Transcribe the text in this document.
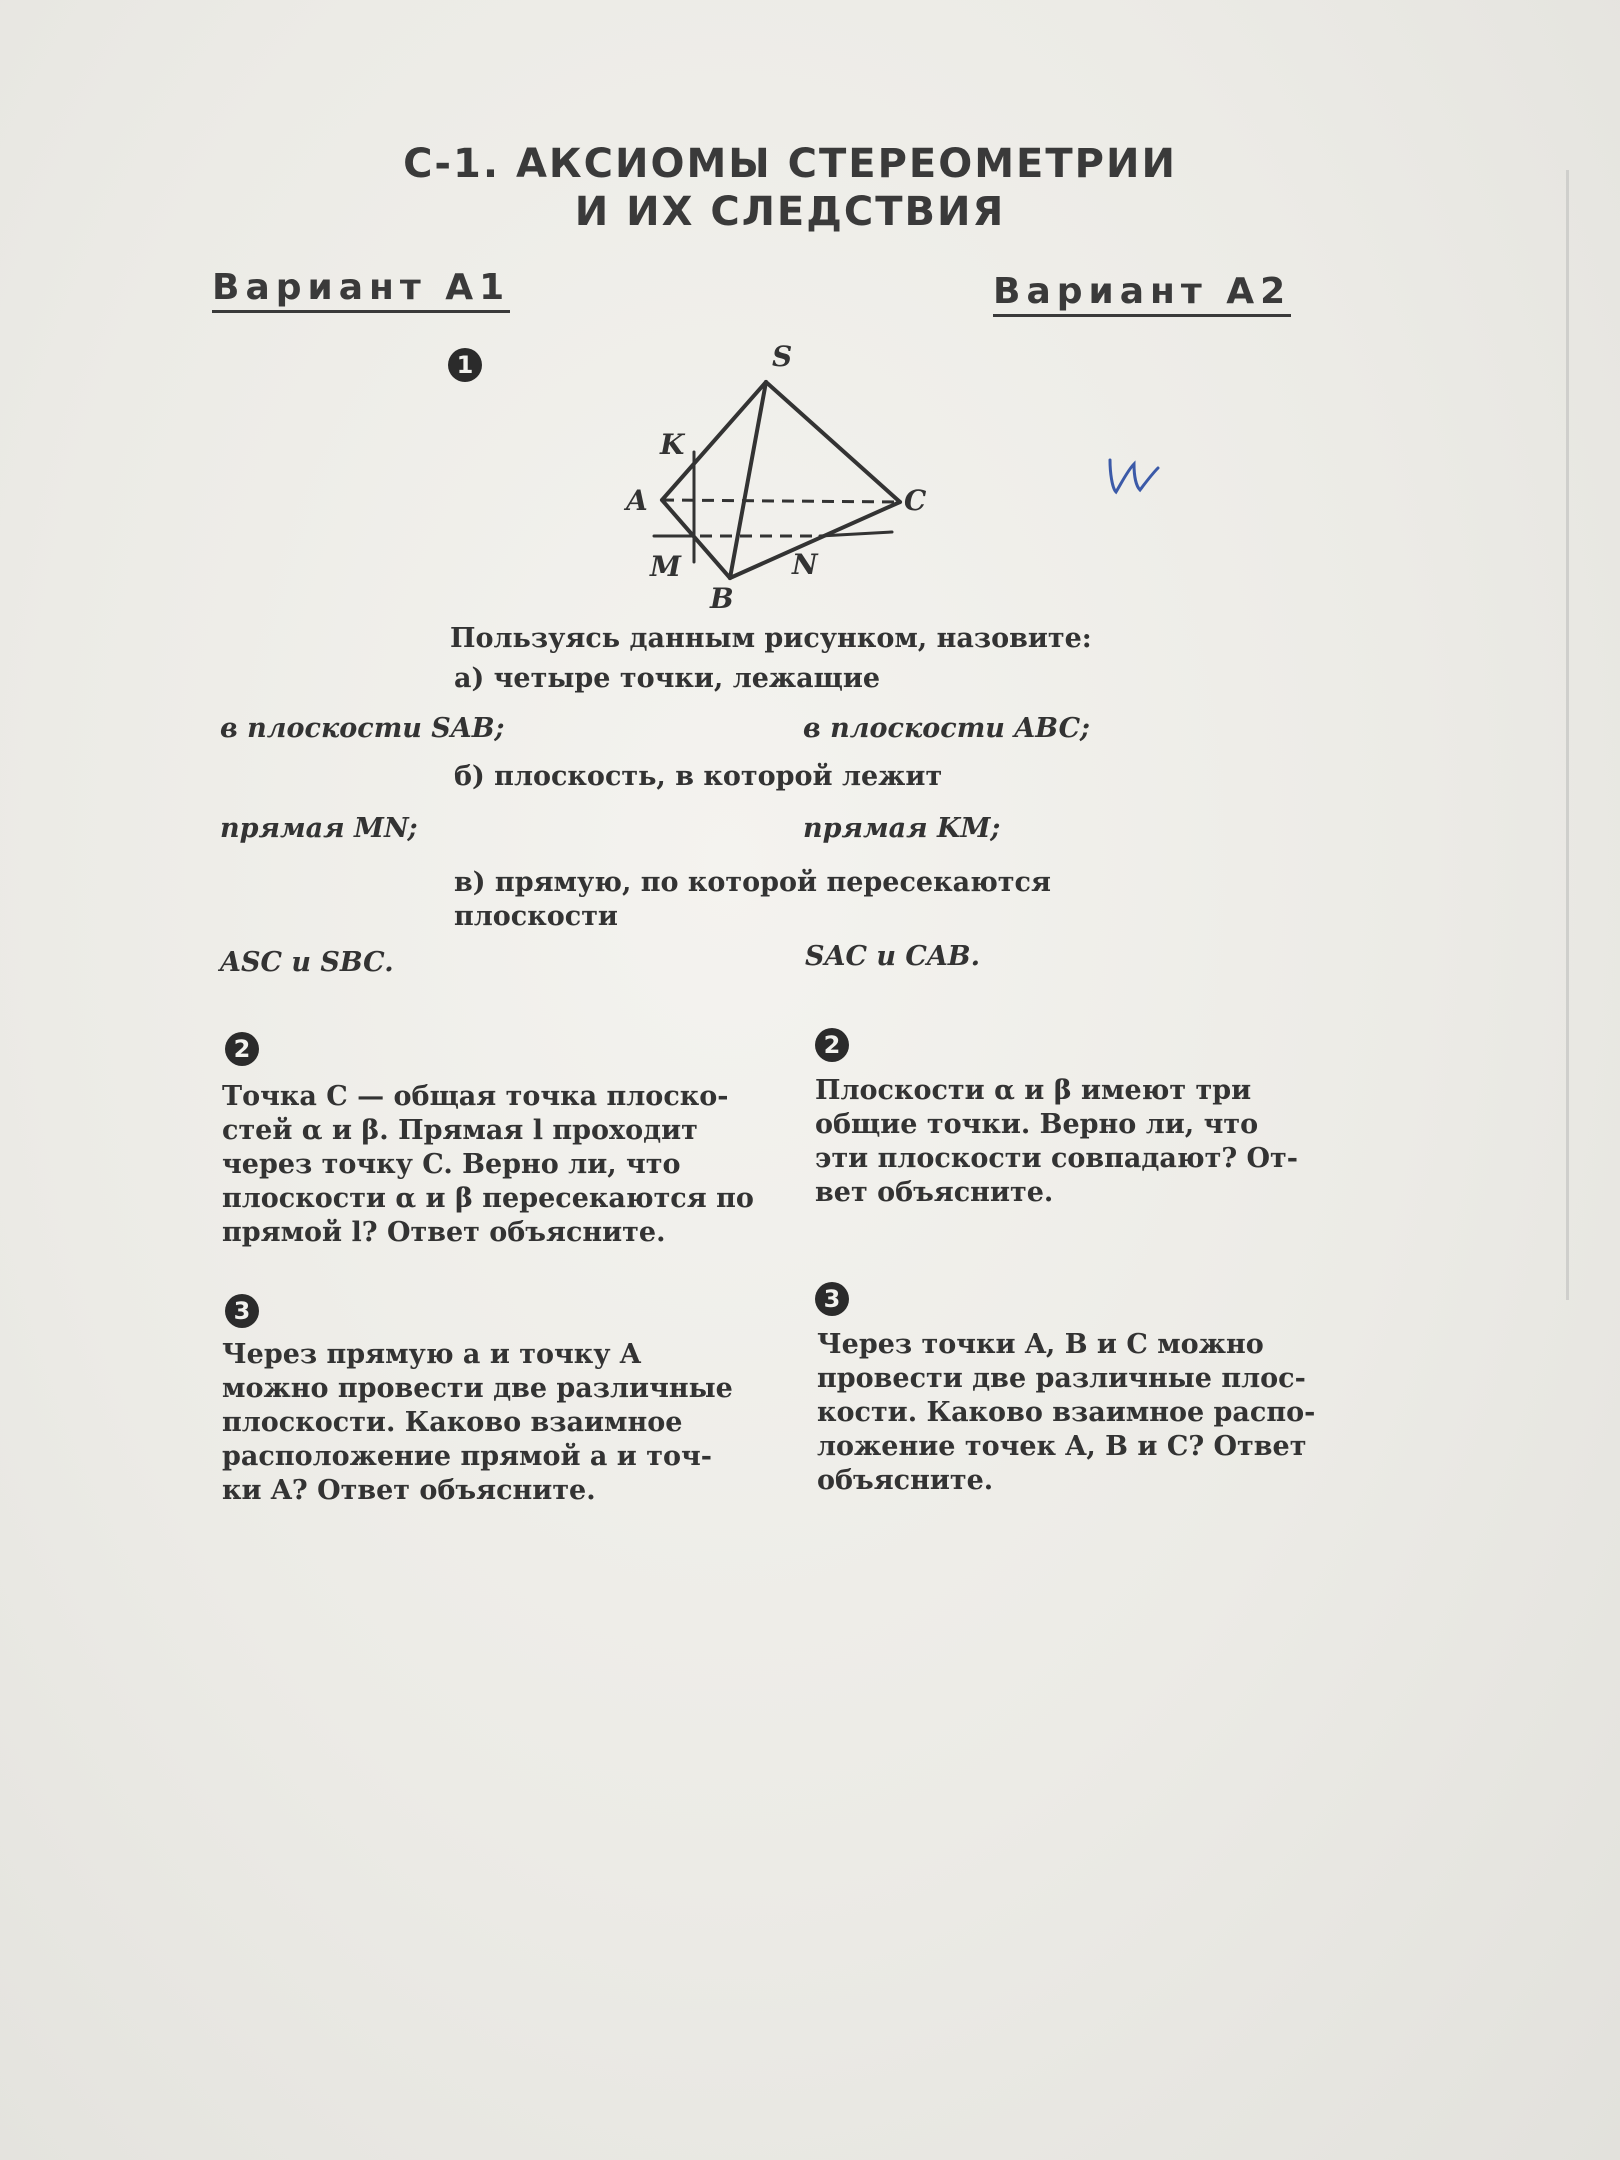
С-1. АКСИОМЫ СТЕРЕОМЕТРИИ
И ИХ СЛЕДСТВИЯ
Вариант А1	Вариант А2
1	S
K
A	C
M	N
B
Пользуясь данным рисунком, назовите:
а) четыре точки, лежащие
в плоскости SAB;	в плоскости ABC;
б) плоскость, в которой лежит
прямая MN;	прямая KM;
в) прямую, по которой пересекаются
плоскости
ASC и SBC.	SAC и CAB.
2	2
Точка C — общая точка плоско-
стей α и β. Прямая l проходит
через точку C. Верно ли, что
плоскости α и β пересекаются по
прямой l? Ответ объясните.
Плоскости α и β имеют три
общие точки. Верно ли, что
эти плоскости совпадают? От-
вет объясните.
3	3
Через прямую a и точку A
можно провести две различные
плоскости. Каково взаимное
расположение прямой a и точ-
ки A? Ответ объясните.
Через точки A, B и C можно
провести две различные плос-
кости. Каково взаимное распо-
ложение точек A, B и C? Ответ
объясните.
